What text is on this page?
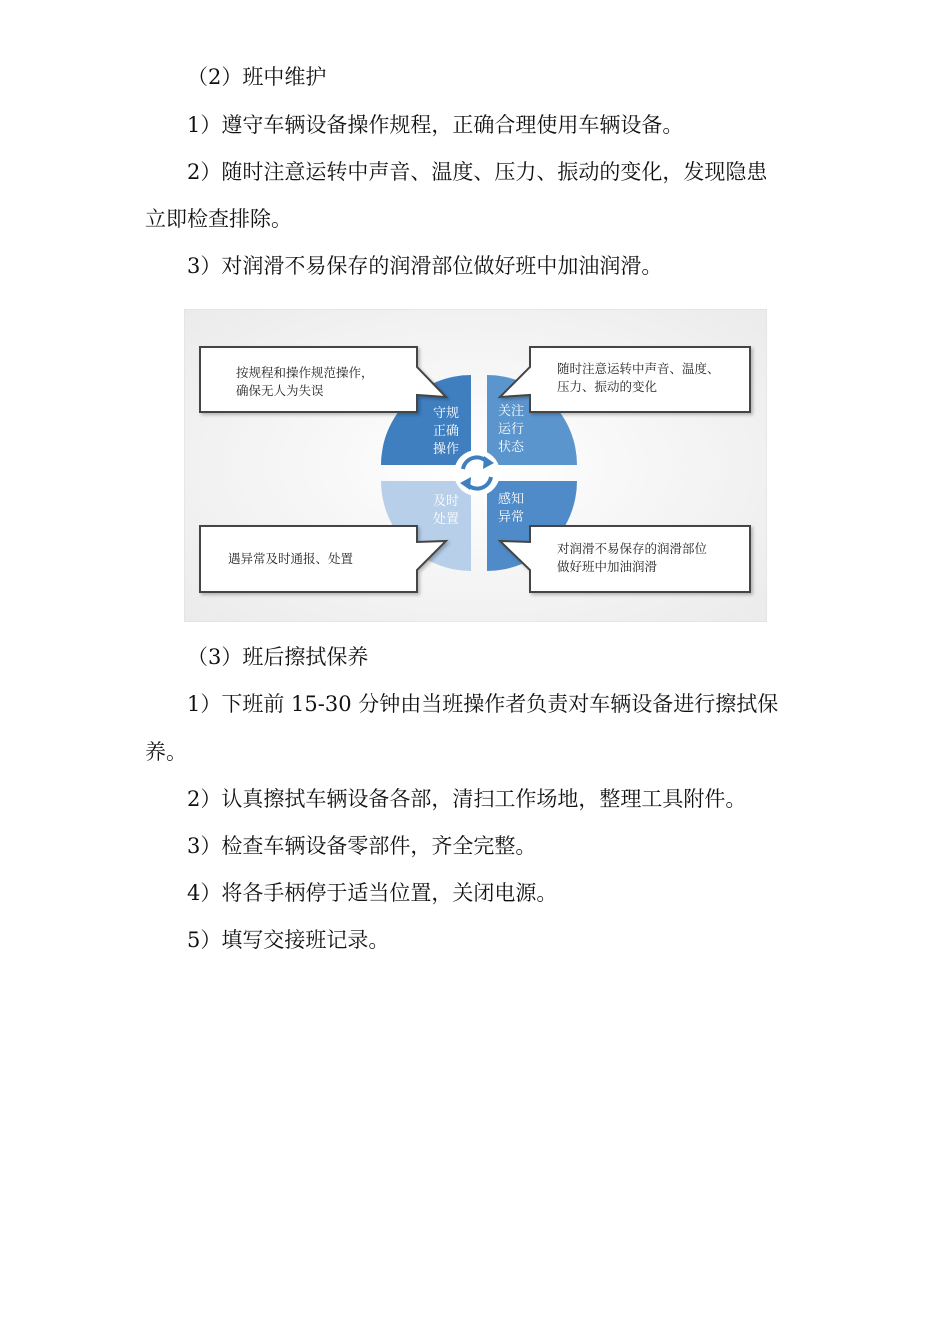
（2）班中维护

1）遵守车辆设备操作规程，正确合理使用车辆设备。

2）随时注意运转中声音、温度、压力、振动的变化，发现隐患

立即检查排除。

3）对润滑不易保存的润滑部位做好班中加油润滑。

守规
正确
操作
关注
运行
状态
及时
处置
感知
异常
按规程和操作规范操作，
确保无人为失误
随时注意运转中声音、温度、
压力、振动的变化
遇异常及时通报、处置
对润滑不易保存的润滑部位
做好班中加油润滑

（3）班后擦拭保养

1）下班前 15-30 分钟由当班操作者负责对车辆设备进行擦拭保

养。

2）认真擦拭车辆设备各部，清扫工作场地，整理工具附件。

3）检查车辆设备零部件，齐全完整。

4）将各手柄停于适当位置，关闭电源。

5）填写交接班记录。
